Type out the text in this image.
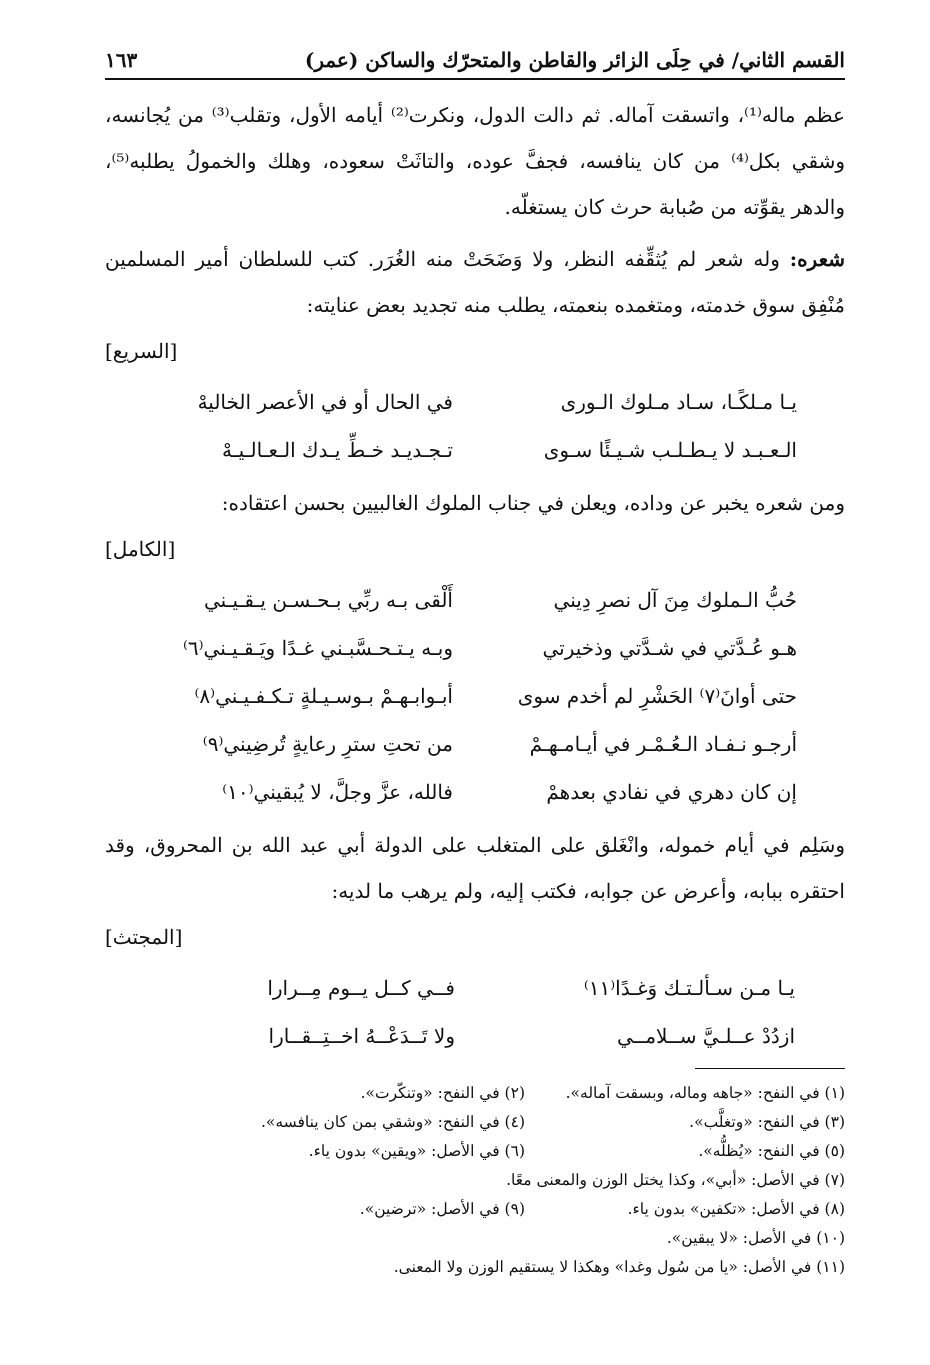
القسم الثاني/ في حِلَى الزائر والقاطن والمتحرّك والساكن (عمر)
١٦٣

عظم ماله⁽¹⁾، واتسقت آماله. ثم دالت الدول، ونكرت⁽²⁾ أيامه الأول، وتقلب⁽³⁾ من يُجانسه، وشقي بكل⁽⁴⁾ من كان ينافسه، فجفَّ عوده، والتاثَتْ سعوده، وهلك والخمولُ يطلبه⁽⁵⁾، والدهر يقوِّته من صُبابة حرث كان يستغلّه.

شعره: وله شعر لم يُثقِّفه النظر، ولا وَضَحَتْ منه الغُرَر. كتب للسلطان أمير المسلمين مُنْفِق سوق خدمته، ومتغمده بنعمته، يطلب منه تجديد بعض عنايته:
[السريع]

يـا مـلكًـا، سـاد مـلوك الـورى
في الحال أو في الأعصر الخاليهْ
الـعـبـد لا يـطـلـب شـيـئًا سـوى
تـجـديـد خـطِّ يـدك الـعـالـيـهْ

ومن شعره يخبر عن وداده، ويعلن في جناب الملوك الغالبيين بحسن اعتقاده:
[الكامل]

حُبُّ الـملوك مِنَ آل نصرِ دِيني
أَلْقى بـه ربِّي بـحـسـن يـقـيـني
هـو عُـدَّتي في شـدَّتي وذخيرتي
وبـه يـتـحـسَّبـني غـدًا ويَـقـيـني⁽٦⁾
حتى أوانَ⁽٧⁾ الحَشْرِ لم أخدم سوى
أبـوابـهـمْ بـوسـيـلةٍ تـكـفـيـني⁽٨⁾
أرجـو نـفـاد الـعُـمْـر في أيـامـهـمْ
من تحتِ سترِ رعايةٍ تُرضِيني⁽٩⁾
إن كان دهري في نفادي بعدهمْ
فالله، عزَّ وجلَّ، لا يُبقيني⁽١٠⁾

وسَلِم في أيام خموله، وانْغَلق على المتغلب على الدولة أبي عبد الله بن المحروق، وقد احتقره ببابه، وأعرض عن جوابه، فكتب إليه، ولم يرهب ما لديه:
[المجتث]

يـا مـن سـألـتـك وَغـدًا⁽١١⁾
فــي كــل يــوم مِــرارا
ازدُدْ عــلـيَّ ســلامــي
ولا تَــدَعْــهُ اخــتِــقــارا
(١) في النفح: «جاهه وماله، وبسقت آماله».
(٢) في النفح: «وتنكّرت».
(٣) في النفح: «وتغلَّب».
(٤) في النفح: «وشقي بمن كان ينافسه».
(٥) في النفح: «يُظلُّه».
(٦) في الأصل: «ويقين» بدون ياء.
(٧) في الأصل: «أبي»، وكذا يختل الوزن والمعنى معًا.
(٨) في الأصل: «تكفين» بدون ياء.
(٩) في الأصل: «ترضين».
(١٠) في الأصل: «لا يبقين».
(١١) في الأصل: «يا من سُول وغدا» وهكذا لا يستقيم الوزن ولا المعنى.
